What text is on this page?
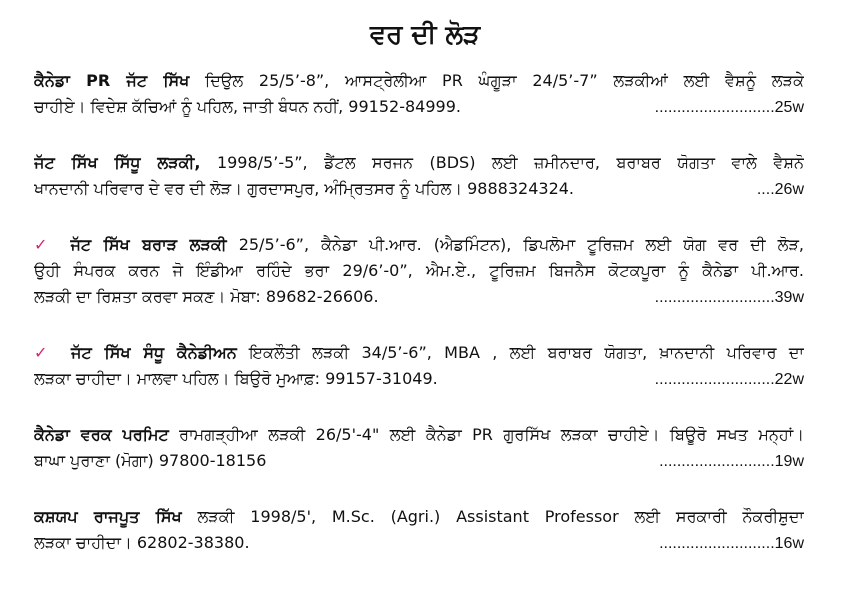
ਵਰ ਦੀ ਲੋੜ
ਕੈਨੇਡਾ PR ਜੱਟ ਸਿੱਖ ਦਿਉਲ 25/5’-8”, ਆਸਟ੍ਰੇਲੀਆ PR ਘੰਗੂੜਾ 24/5’-7” ਲੜਕੀਆਂ ਲਈ ਵੈਸ਼ਨੂੰ ਲੜਕੇ
ਚਾਹੀਏ। ਵਿਦੇਸ਼ ਕੱਚਿਆਂ ਨੂੰ ਪਹਿਲ, ਜਾਤੀ ਬੰਧਨ ਨਹੀਂ, 99152-84999.	...........................25w
ਜੱਟ ਸਿੱਖ ਸਿੱਧੂ ਲੜਕੀ, 1998/5’-5”, ਡੈਂਟਲ ਸਰਜਨ (BDS) ਲਈ ਜ਼ਮੀਨਦਾਰ, ਬਰਾਬਰ ਯੋਗਤਾ ਵਾਲੇ ਵੈਸ਼ਨੋ
ਖਾਨਦਾਨੀ ਪਰਿਵਾਰ ਦੇ ਵਰ ਦੀ ਲੋੜ। ਗੁਰਦਾਸਪੁਰ, ਅੰਮ੍ਰਿਤਸਰ ਨੂੰ ਪਹਿਲ। 9888324324.	....26w
✓ ਜੱਟ ਸਿੱਖ ਬਰਾੜ ਲੜਕੀ 25/5’-6”, ਕੈਨੇਡਾ ਪੀ.ਆਰ. (ਐਡਮਿੰਟਨ), ਡਿਪਲੋਮਾ ਟੂਰਿਜ਼ਮ ਲਈ ਯੋਗ ਵਰ ਦੀ ਲੋੜ,
ਉਹੀ ਸੰਪਰਕ ਕਰਨ ਜੋ ਇੰਡੀਆ ਰਹਿੰਦੇ ਭਰਾ 29/6’-0”, ਐਮ.ਏ., ਟੂਰਿਜ਼ਮ ਬਿਜਨੈਸ ਕੋਟਕਪੂਰਾ ਨੂੰ ਕੈਨੇਡਾ ਪੀ.ਆਰ.
ਲੜਕੀ ਦਾ ਰਿਸ਼ਤਾ ਕਰਵਾ ਸਕਣ। ਮੋਬਾ: 89682-26606.	...........................39w
✓ ਜੱਟ ਸਿੱਖ ਸੰਧੂ ਕੈਨੇਡੀਅਨ ਇਕਲੌਤੀ ਲੜਕੀ 34/5’-6”, MBA , ਲਈ ਬਰਾਬਰ ਯੋਗਤਾ, ਖ਼ਾਨਦਾਨੀ ਪਰਿਵਾਰ ਦਾ
ਲੜਕਾ ਚਾਹੀਦਾ। ਮਾਲਵਾ ਪਹਿਲ। ਬਿਉਰੋ ਮੁਆਫ਼: 99157-31049.	...........................22w
ਕੈਨੇਡਾ ਵਰਕ ਪਰਮਿਟ ਰਾਮਗੜ੍ਹੀਆ ਲੜਕੀ 26/5'-4" ਲਈ ਕੈਨੇਡਾ PR ਗੁਰਸਿੱਖ ਲੜਕਾ ਚਾਹੀਏ। ਬਿਊਰੋ ਸਖਤ ਮਨ੍ਹਾਂ।
ਬਾਘਾ ਪੁਰਾਣਾ (ਮੋਗਾ) 97800-18156	..........................19w
ਕਸ਼ਯਪ ਰਾਜਪੂਤ ਸਿੱਖ ਲੜਕੀ 1998/5', M.Sc. (Agri.) Assistant Professor ਲਈ ਸਰਕਾਰੀ ਨੌਕਰੀਸ਼ੁਦਾ
ਲੜਕਾ ਚਾਹੀਦਾ। 62802-38380.	..........................16w
